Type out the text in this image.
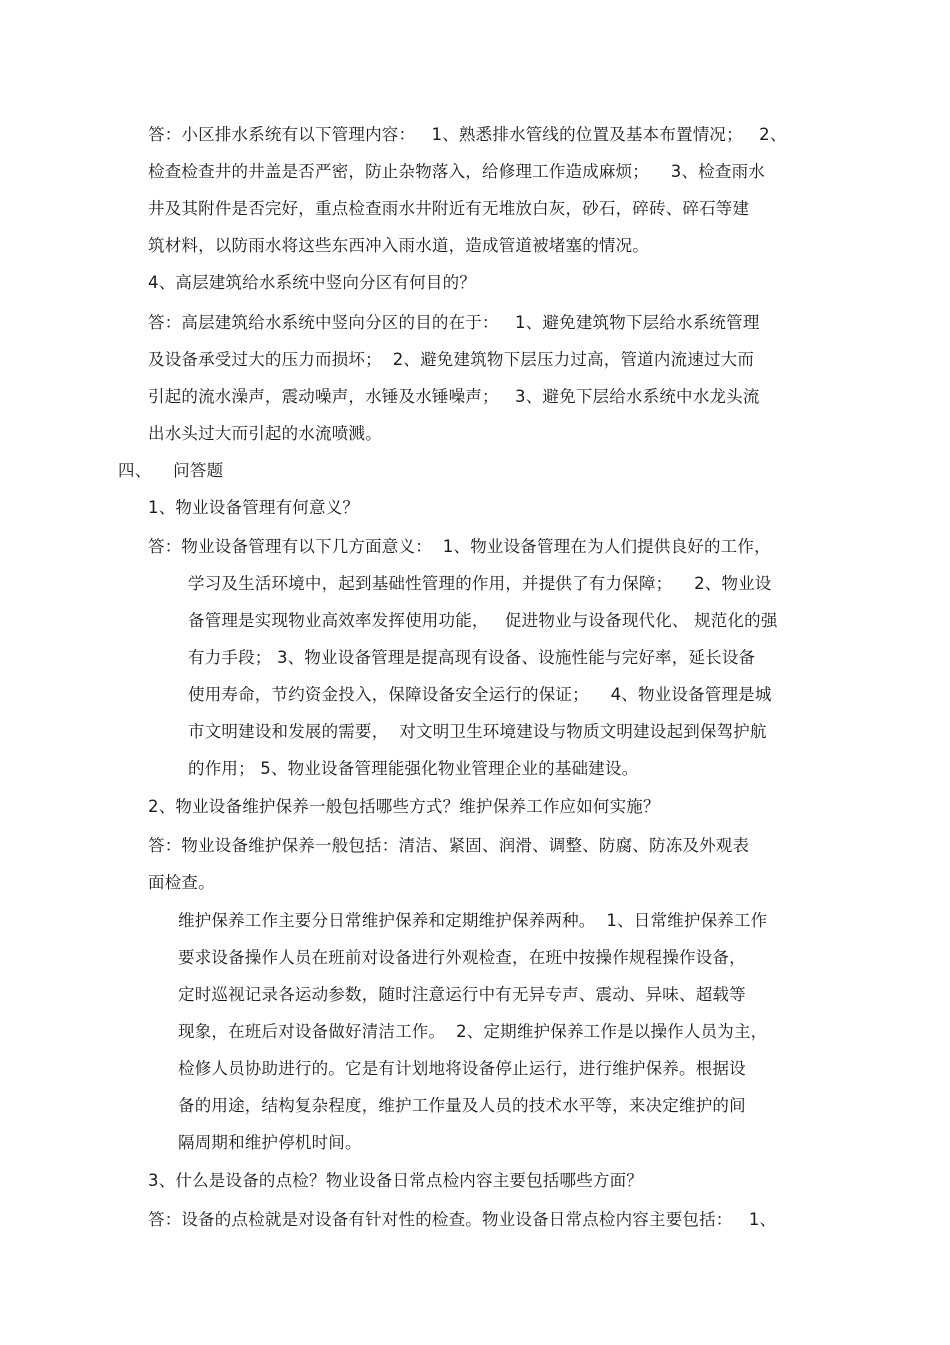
答：小区排水系统有以下管理内容：   1、熟悉排水管线的位置及基本布置情况；   2、
检查检查井的井盖是否严密，防止杂物落入，给修理工作造成麻烦；    3、检查雨水
井及其附件是否完好，重点检查雨水井附近有无堆放白灰，砂石，碎砖、碎石等建
筑材料，以防雨水将这些东西冲入雨水道，造成管道被堵塞的情况。
4、高层建筑给水系统中竖向分区有何目的？
答：高层建筑给水系统中竖向分区的目的在于：   1、避免建筑物下层给水系统管理
及设备承受过大的压力而损坏；  2、避免建筑物下层压力过高，管道内流速过大而
引起的流水澡声，震动噪声，水锤及水锤噪声；   3、避免下层给水系统中水龙头流
出水头过大而引起的水流喷溅。
四、    问答题
1、物业设备管理有何意义？
答：物业设备管理有以下几方面意义：  1、物业设备管理在为人们提供良好的工作，
学习及生活环境中，起到基础性管理的作用，并提供了有力保障；    2、物业设
备管理是实现物业高效率发挥使用功能，   促进物业与设备现代化、 规范化的强
有力手段； 3、物业设备管理是提高现有设备、设施性能与完好率，延长设备
使用寿命，节约资金投入，保障设备安全运行的保证；    4、物业设备管理是城
市文明建设和发展的需要，  对文明卫生环境建设与物质文明建设起到保驾护航
的作用； 5、物业设备管理能强化物业管理企业的基础建设。
2、物业设备维护保养一般包括哪些方式？维护保养工作应如何实施？
答：物业设备维护保养一般包括：清洁、紧固、润滑、调整、防腐、防冻及外观表
面检查。
维护保养工作主要分日常维护保养和定期维护保养两种。  1、日常维护保养工作
要求设备操作人员在班前对设备进行外观检查，在班中按操作规程操作设备，
定时巡视记录各运动参数，随时注意运行中有无异专声、震动、异味、超载等
现象，在班后对设备做好清洁工作。  2、定期维护保养工作是以操作人员为主，
检修人员协助进行的。它是有计划地将设备停止运行，进行维护保养。根据设
备的用途，结构复杂程度，维护工作量及人员的技术水平等，来决定维护的间
隔周期和维护停机时间。
3、什么是设备的点检？物业设备日常点检内容主要包括哪些方面？
答：设备的点检就是对设备有针对性的检查。物业设备日常点检内容主要包括：   1、
